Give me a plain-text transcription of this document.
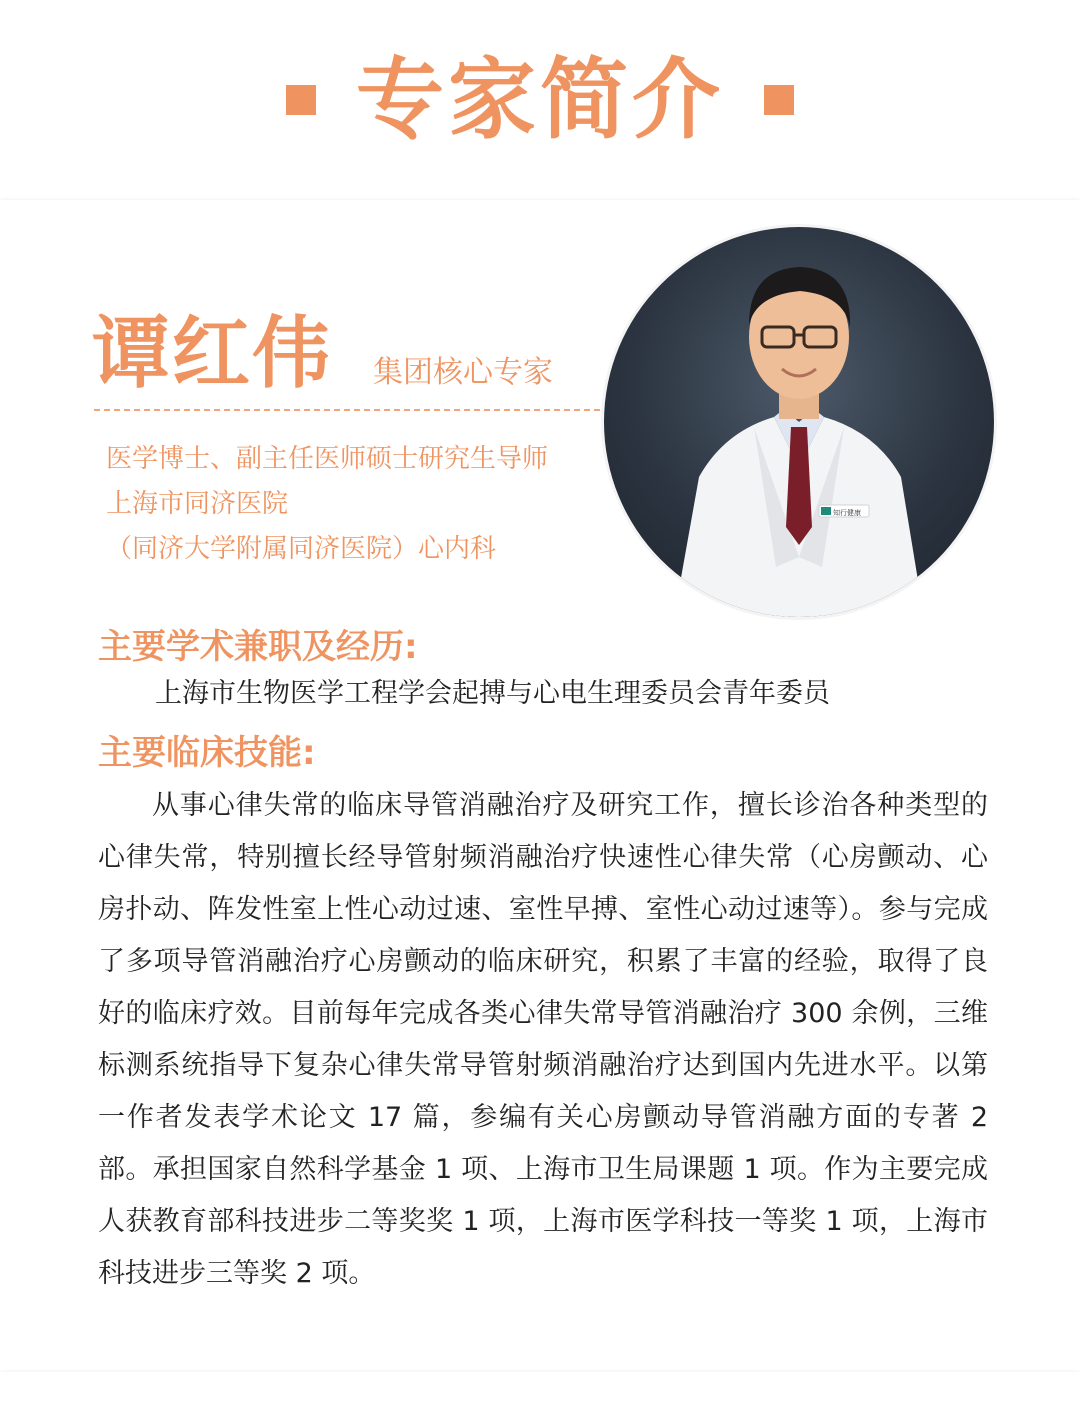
专家简介
谭红伟 集团核心专家
医学博士、副主任医师硕士研究生导师
上海市同济医院
（同济大学附属同济医院）心内科
知行健康
主要学术兼职及经历:
上海市生物医学工程学会起搏与心电生理委员会青年委员
主要临床技能:

从事心律失常的临床导管消融治疗及研究工作，擅长诊治各种类型的心律失常，特别擅长经导管射频消融治疗快速性心律失常（心房颤动、心房扑动、阵发性室上性心动过速、室性早搏、室性心动过速等）。参与完成了多项导管消融治疗心房颤动的临床研究，积累了丰富的经验，取得了良好的临床疗效。目前每年完成各类心律失常导管消融治疗 300 余例，三维标测系统指导下复杂心律失常导管射频消融治疗达到国内先进水平。以第一作者发表学术论文 17 篇，参编有关心房颤动导管消融方面的专著 2 部。承担国家自然科学基金 1 项、上海市卫生局课题 1 项。作为主要完成人获教育部科技进步二等奖奖 1 项，上海市医学科技一等奖 1 项，上海市科技进步三等奖 2 项。
